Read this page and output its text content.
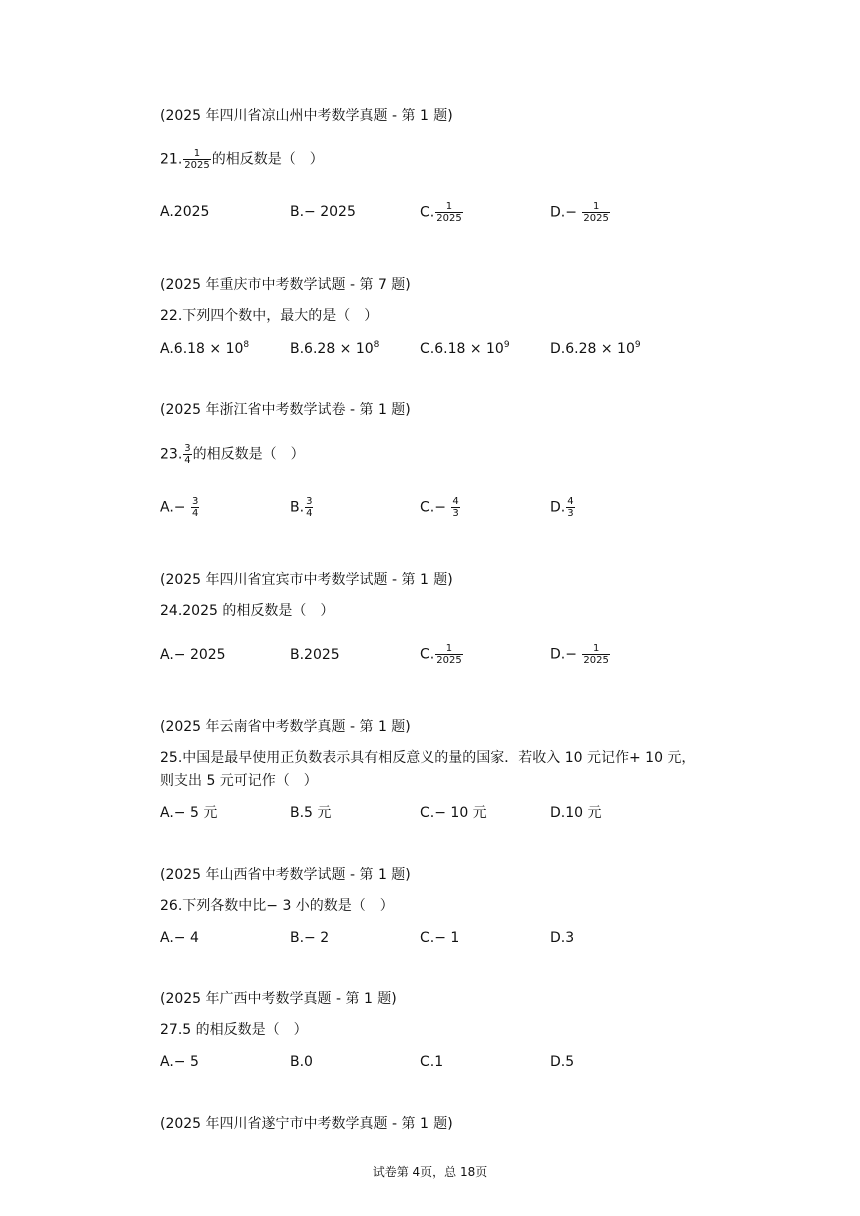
(2025 年四川省凉山州中考数学真题 - 第 1 题)
21. $\frac{1}{2025}$ 的相反数是（　）
A.2025	B.− 2025	C. $\frac{1}{2025}$	$D.- \frac{1}{2025}$
(2025 年重庆市中考数学试题 - 第 7 题)
22.下列四个数中，最大的是（　）
$A.6.18 \times 10^8$	$B.6.28 \times 10^8$	$C.6.18 \times 10^9$	$D.6.28 \times 10^9$
(2025 年浙江省中考数学试卷 - 第 1 题)
23. $\frac{3}{4}$ 的相反数是（　）
$A.- \frac{3}{4}$	B. $\frac{3}{4}$	$C.- \frac{4}{3}$	D. $\frac{4}{3}$
(2025 年四川省宜宾市中考数学试题 - 第 1 题)
24.2025 的相反数是（　）
A.− 2025	B.2025	C. $\frac{1}{2025}$	$D.- \frac{1}{2025}$
(2025 年云南省中考数学真题 - 第 1 题)
25.中国是最早使用正负数表示具有相反意义的量的国家．若收入 10 元记作+ 10 元，
则支出 5 元可记作（　）
A.− 5 元	B.5 元	C.− 10 元	D.10 元
(2025 年山西省中考数学试题 - 第 1 题)
26.下列各数中比− 3 小的数是（　）
A.− 4	B.− 2	C.− 1	D.3
(2025 年广西中考数学真题 - 第 1 题)
27.5 的相反数是（　）
A.− 5	B.0	C.1	D.5
(2025 年四川省遂宁市中考数学真题 - 第 1 题)
试卷第 4页，总 18页
